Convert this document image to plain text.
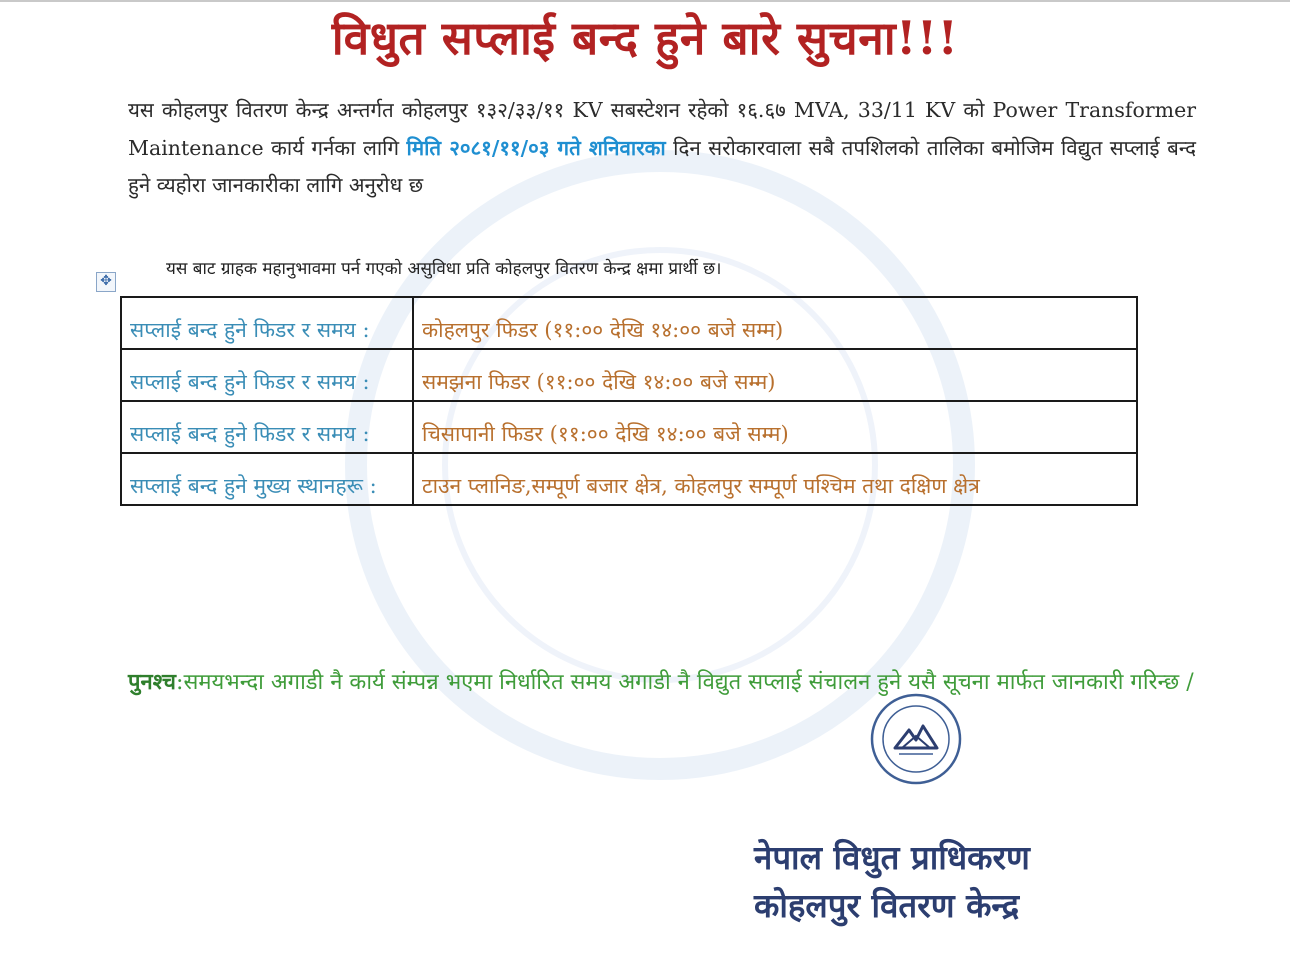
विधुत सप्लाई बन्द हुने बारे सुचना!!!

यस कोहलपुर वितरण केन्द्र अन्तर्गत कोहलपुर १३२/३३/११ KV सबस्टेशन रहेको १६.६७ MVA, 33/11 KV को Power Transformer Maintenance कार्य गर्नका लागि मिति २०८१/११/०३ गते शनिवारका दिन सरोकारवाला सबै तपशिलको तालिका बमोजिम विद्युत सप्लाई बन्द हुने व्यहोरा जानकारीका लागि अनुरोध छ

यस बाट ग्राहक महानुभावमा पर्न गएको असुविधा प्रति कोहलपुर वितरण केन्द्र क्षमा प्रार्थी छ।

✥
सप्लाई बन्द हुने फिडर र समय :	कोहलपुर फिडर (११:०० देखि १४:०० बजे सम्म)
सप्लाई बन्द हुने फिडर र समय :	समझना फिडर (११:०० देखि १४:०० बजे सम्म)
सप्लाई बन्द हुने फिडर र समय :	चिसापानी फिडर (११:०० देखि १४:०० बजे सम्म)
सप्लाई बन्द हुने मुख्य स्थानहरू :	टाउन प्लानिङ,सम्पूर्ण बजार क्षेत्र, कोहलपुर सम्पूर्ण पश्चिम तथा दक्षिण क्षेत्र

पुनश्च:समयभन्दा अगाडी नै कार्य संम्पन्न भएमा निर्धारित समय अगाडी नै विद्युत सप्लाई संचालन हुने यसै सूचना मार्फत जानकारी गरिन्छ /

नेपाल विधुत प्राधिकरण
कोहलपुर वितरण केन्द्र
